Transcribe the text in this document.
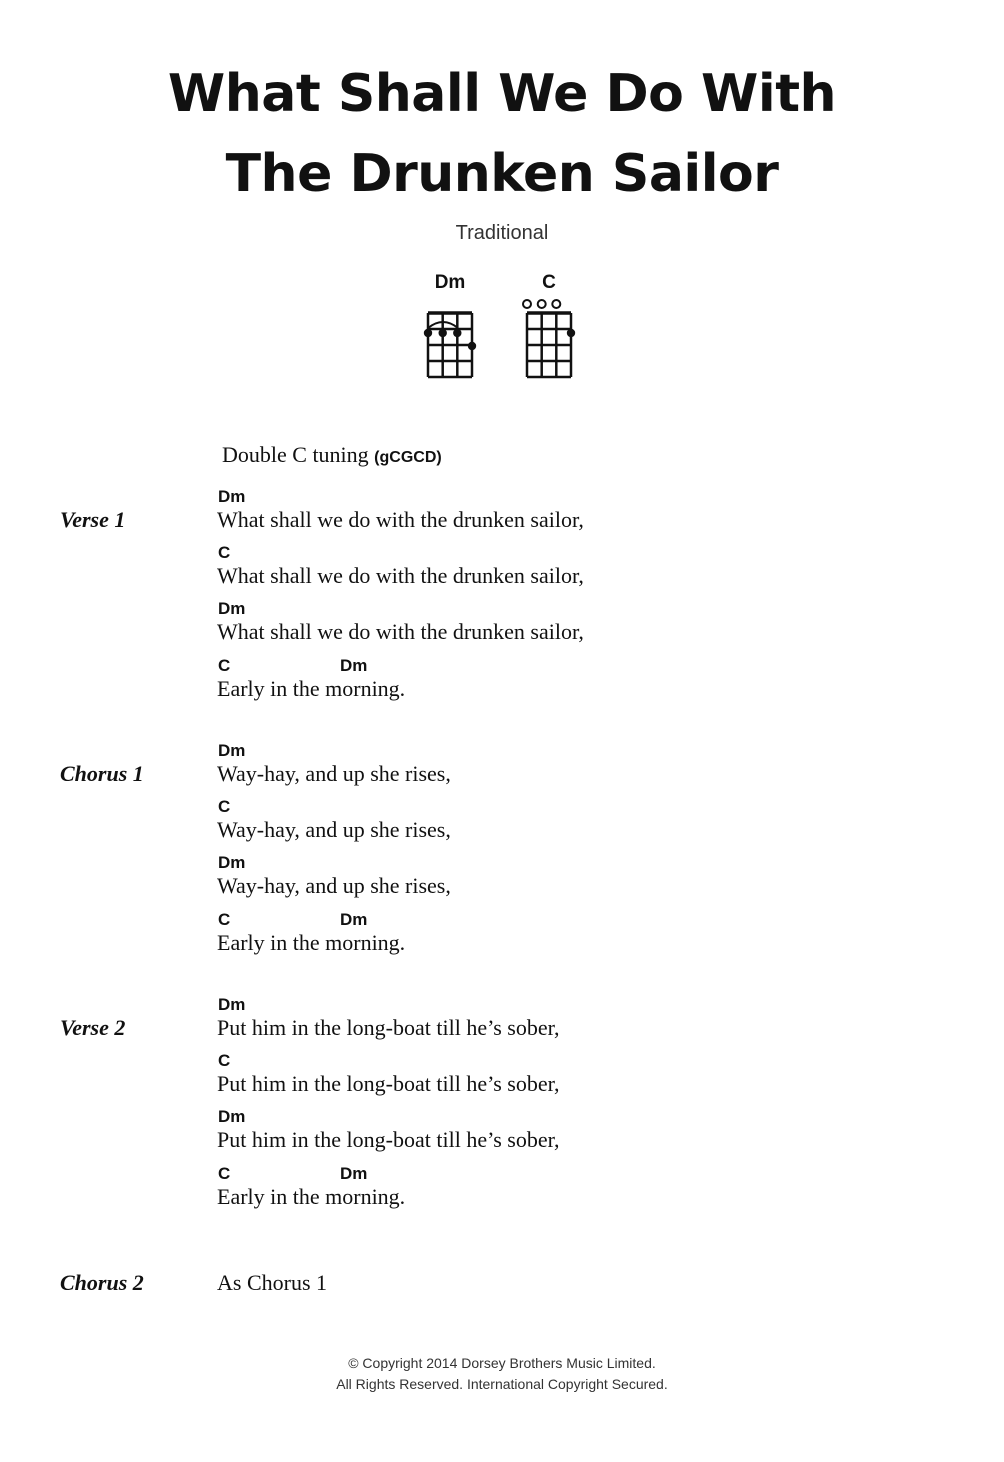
What Shall We Do With
The Drunken Sailor
Traditional
Dm	C
Double C tuning (gCGCD)
Verse 1
Dm
What shall we do with the drunken sailor,
C
What shall we do with the drunken sailor,
Dm
What shall we do with the drunken sailor,
C	Dm
Early in the morning.
Chorus 1
Dm
Way-hay, and up she rises,
C
Way-hay, and up she rises,
Dm
Way-hay, and up she rises,
C	Dm
Early in the morning.
Verse 2
Dm
Put him in the long-boat till he’s sober,
C
Put him in the long-boat till he’s sober,
Dm
Put him in the long-boat till he’s sober,
C	Dm
Early in the morning.
Chorus 2	As Chorus 1
© Copyright 2014 Dorsey Brothers Music Limited.
All Rights Reserved. International Copyright Secured.
